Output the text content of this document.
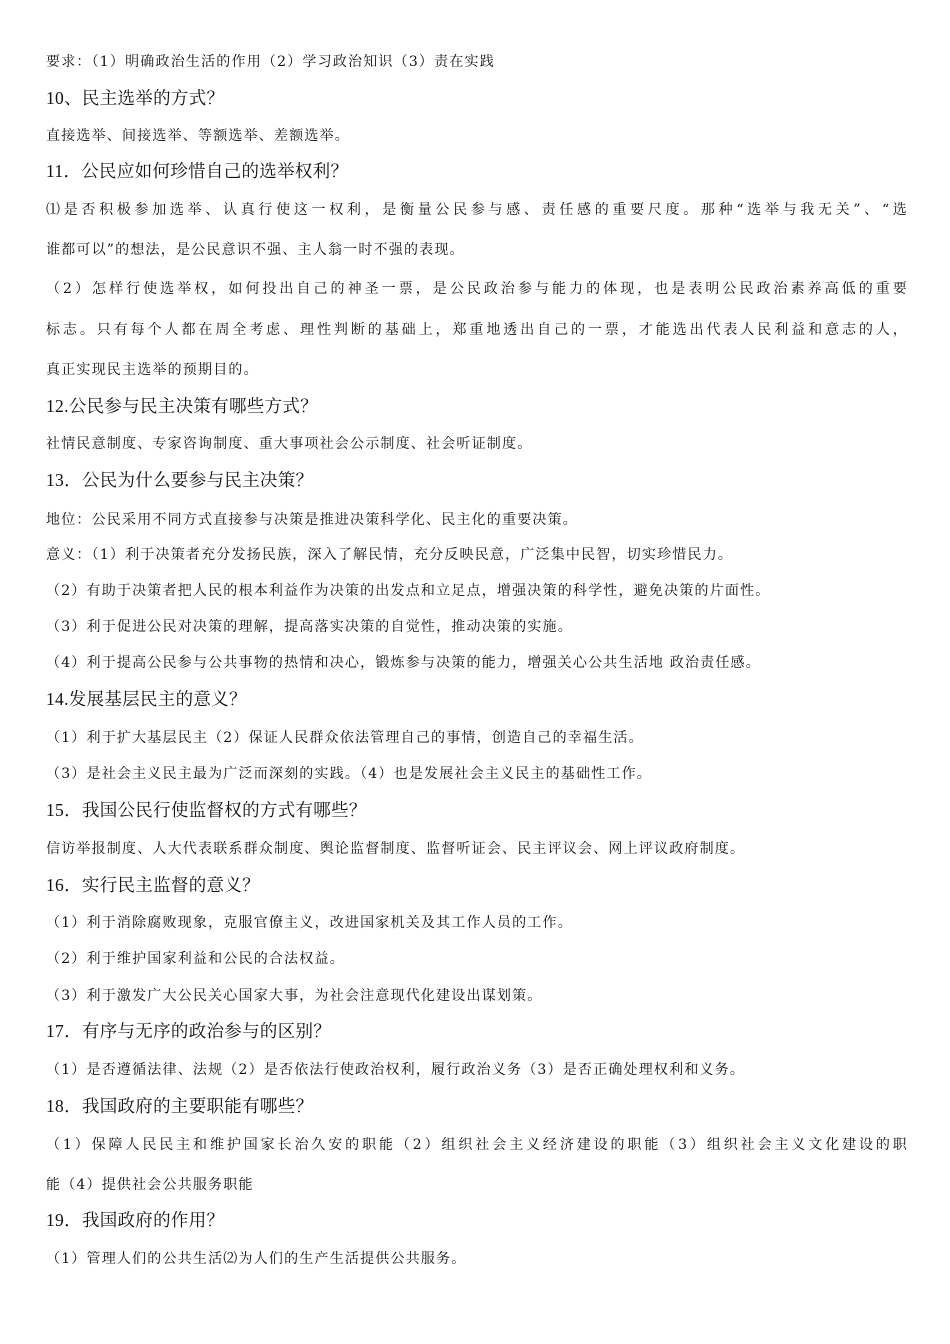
要求：（1）明确政治生活的作用（2）学习政治知识（3）责在实践
10、民主选举的方式？
直接选举、间接选举、等额选举、差额选举。
11．公民应如何珍惜自己的选举权利？
⑴是否积极参加选举、认真行使这一权利，是衡量公民参与感、责任感的重要尺度。那种“选举与我无关”、“选
谁都可以”的想法，是公民意识不强、主人翁一时不强的表现。
（2）怎样行使选举权，如何投出自己的神圣一票，是公民政治参与能力的体现，也是表明公民政治素养高低的重要
标志。只有每个人都在周全考虑、理性判断的基础上，郑重地透出自己的一票，才能选出代表人民利益和意志的人，
真正实现民主选举的预期目的。
12.公民参与民主决策有哪些方式？
社情民意制度、专家咨询制度、重大事项社会公示制度、社会听证制度。
13．公民为什么要参与民主决策？
地位：公民采用不同方式直接参与决策是推进决策科学化、民主化的重要决策。
意义：（1）利于决策者充分发扬民族，深入了解民情，充分反映民意，广泛集中民智，切实珍惜民力。
（2）有助于决策者把人民的根本利益作为决策的出发点和立足点，增强决策的科学性，避免决策的片面性。
（3）利于促进公民对决策的理解，提高落实决策的自觉性，推动决策的实施。
（4）利于提高公民参与公共事物的热情和决心，锻炼参与决策的能力，增强关心公共生活地 政治责任感。
14.发展基层民主的意义？
（1）利于扩大基层民主（2）保证人民群众依法管理自己的事情，创造自己的幸福生活。
（3）是社会主义民主最为广泛而深刻的实践。（4）也是发展社会主义民主的基础性工作。
15．我国公民行使监督权的方式有哪些？
信访举报制度、人大代表联系群众制度、舆论监督制度、监督听证会、民主评议会、网上评议政府制度。
16．实行民主监督的意义？
（1）利于消除腐败现象，克服官僚主义，改进国家机关及其工作人员的工作。
（2）利于维护国家利益和公民的合法权益。
（3）利于激发广大公民关心国家大事，为社会注意现代化建设出谋划策。
17．有序与无序的政治参与的区别？
（1）是否遵循法律、法规（2）是否依法行使政治权利，履行政治义务（3）是否正确处理权利和义务。
18．我国政府的主要职能有哪些？
（1）保障人民民主和维护国家长治久安的职能（2）组织社会主义经济建设的职能（3）组织社会主义文化建设的职
能（4）提供社会公共服务职能
19．我国政府的作用？
（1）管理人们的公共生活⑵为人们的生产生活提供公共服务。
